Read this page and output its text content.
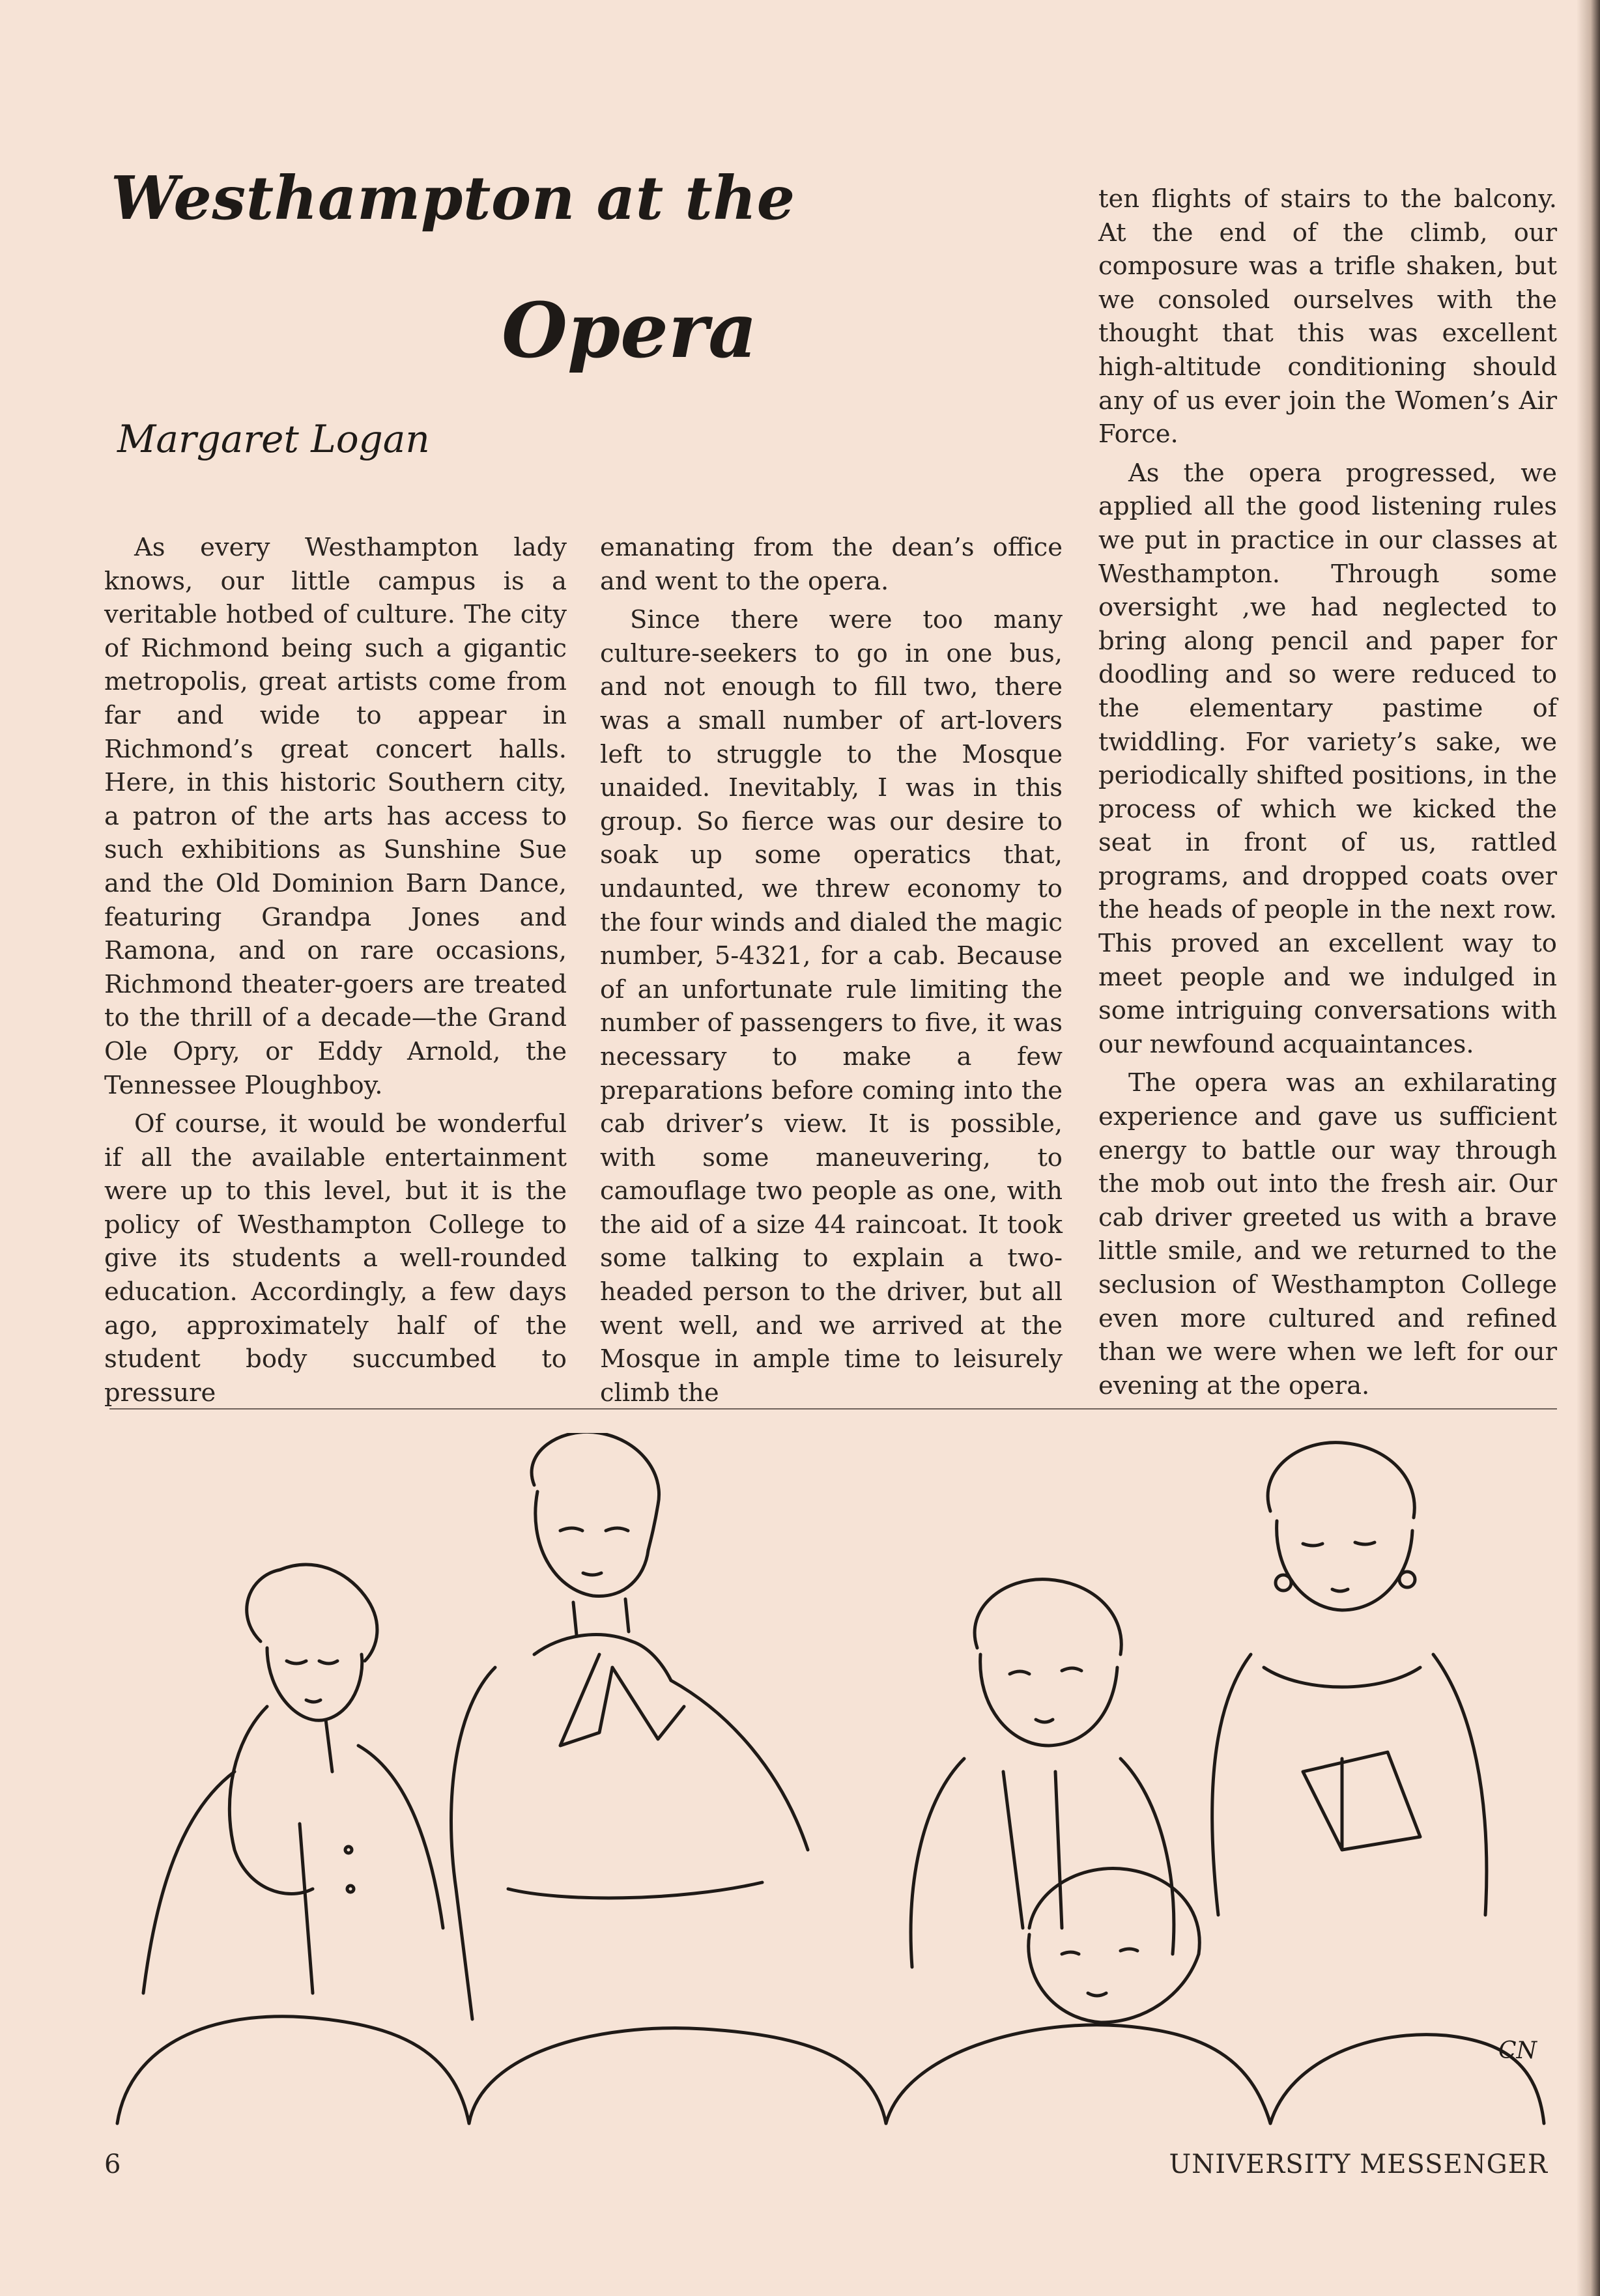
Westhampton at the
Opera
Margaret Logan

As every Westhampton lady knows, our little campus is a veritable hotbed of culture. The city of Richmond being such a gigantic metropolis, great artists come from far and wide to appear in Richmond’s great concert halls. Here, in this historic Southern city, a patron of the arts has access to such exhibitions as Sunshine Sue and the Old Dominion Barn Dance, featuring Grandpa Jones and Ramona, and on rare occasions, Richmond theater-goers are treated to the thrill of a decade—the Grand Ole Opry, or Eddy Arnold, the Tennessee Ploughboy.

Of course, it would be wonderful if all the available entertainment were up to this level, but it is the policy of Westhampton College to give its students a well-rounded education. Accordingly, a few days ago, approximately half of the student body succumbed to pressure

emanating from the dean’s office and went to the opera.

Since there were too many culture-seekers to go in one bus, and not enough to fill two, there was a small number of art-lovers left to struggle to the Mosque unaided. Inevitably, I was in this group. So fierce was our desire to soak up some operatics that, undaunted, we threw economy to the four winds and dialed the magic number, 5-4321, for a cab. Because of an unfortunate rule limiting the number of passengers to five, it was necessary to make a few preparations before coming into the cab driver’s view. It is possible, with some maneuvering, to camouflage two people as one, with the aid of a size 44 raincoat. It took some talking to explain a two-headed person to the driver, but all went well, and we arrived at the Mosque in ample time to leisurely climb the

ten flights of stairs to the balcony. At the end of the climb, our composure was a trifle shaken, but we consoled ourselves with the thought that this was excellent high-altitude conditioning should any of us ever join the Women’s Air Force.

As the opera progressed, we applied all the good listening rules we put in practice in our classes at Westhampton. Through some oversight ,we had neglected to bring along pencil and paper for doodling and so were reduced to the elementary pastime of twiddling. For variety’s sake, we periodically shifted positions, in the process of which we kicked the seat in front of us, rattled programs, and dropped coats over the heads of people in the next row. This proved an excellent way to meet people and we indulged in some intriguing conversations with our newfound acquaintances.

The opera was an exhilarating experience and gave us sufficient energy to battle our way through the mob out into the fresh air. Our cab driver greeted us with a brave little smile, and we returned to the seclusion of Westhampton College even more cultured and refined than we were when we left for our evening at the opera.

CN
6	UNIVERSITY MESSENGER
